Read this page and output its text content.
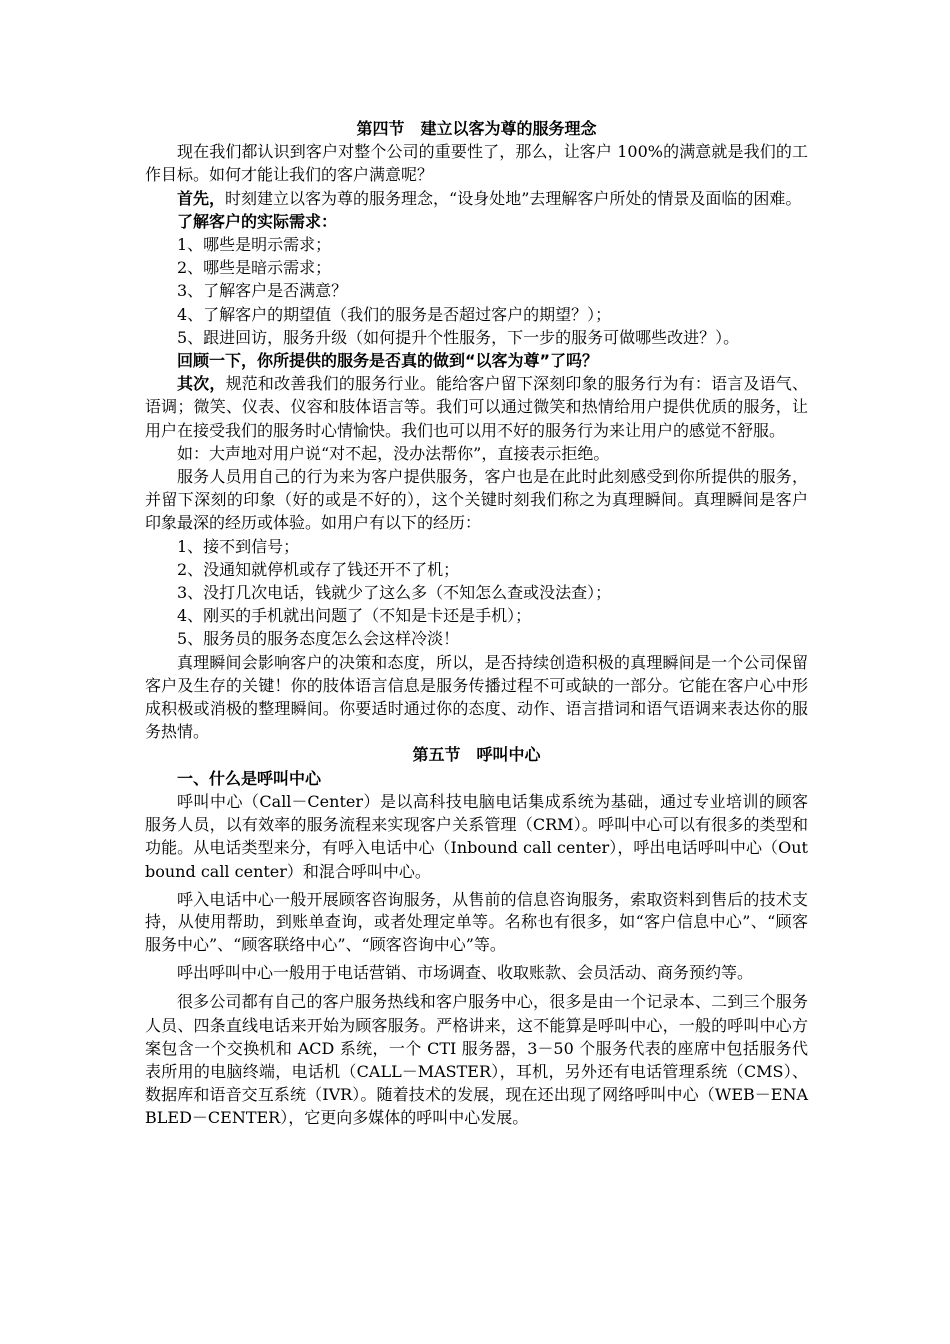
第四节　建立以客为尊的服务理念
现在我们都认识到客户对整个公司的重要性了，那么，让客户 100%的满意就是我们的工作目标。如何才能让我们的客户满意呢？
首先，时刻建立以客为尊的服务理念，“设身处地”去理解客户所处的情景及面临的困难。
了解客户的实际需求：
1、哪些是明示需求；
2、哪些是暗示需求；
3、了解客户是否满意？
4、了解客户的期望值（我们的服务是否超过客户的期望？）；
5、跟进回访，服务升级（如何提升个性服务，下一步的服务可做哪些改进？）。
回顾一下，你所提供的服务是否真的做到“以客为尊”了吗？
其次，规范和改善我们的服务行业。能给客户留下深刻印象的服务行为有：语言及语气、语调；微笑、仪表、仪容和肢体语言等。我们可以通过微笑和热情给用户提供优质的服务，让用户在接受我们的服务时心情愉快。我们也可以用不好的服务行为来让用户的感觉不舒服。
如：大声地对用户说“对不起，没办法帮你”，直接表示拒绝。
服务人员用自己的行为来为客户提供服务，客户也是在此时此刻感受到你所提供的服务，并留下深刻的印象（好的或是不好的），这个关键时刻我们称之为真理瞬间。真理瞬间是客户印象最深的经历或体验。如用户有以下的经历：
1、接不到信号；
2、没通知就停机或存了钱还开不了机；
3、没打几次电话，钱就少了这么多（不知怎么查或没法查）；
4、刚买的手机就出问题了（不知是卡还是手机）；
5、服务员的服务态度怎么会这样冷淡！
真理瞬间会影响客户的决策和态度，所以，是否持续创造积极的真理瞬间是一个公司保留客户及生存的关键！你的肢体语言信息是服务传播过程不可或缺的一部分。它能在客户心中形成积极或消极的整理瞬间。你要适时通过你的态度、动作、语言措词和语气语调来表达你的服务热情。
第五节　呼叫中心
一、什么是呼叫中心
呼叫中心（Call－Center）是以高科技电脑电话集成系统为基础，通过专业培训的顾客服务人员，以有效率的服务流程来实现客户关系管理（CRM）。呼叫中心可以有很多的类型和功能。从电话类型来分，有呼入电话中心（Inbound call center），呼出电话呼叫中心（Outbound call center）和混合呼叫中心。
呼入电话中心一般开展顾客咨询服务，从售前的信息咨询服务，索取资料到售后的技术支持，从使用帮助，到账单查询，或者处理定单等。名称也有很多，如“客户信息中心”、“顾客服务中心”、“顾客联络中心”、“顾客咨询中心”等。
呼出呼叫中心一般用于电话营销、市场调查、收取账款、会员活动、商务预约等。
很多公司都有自己的客户服务热线和客户服务中心，很多是由一个记录本、二到三个服务人员、四条直线电话来开始为顾客服务。严格讲来，这不能算是呼叫中心，一般的呼叫中心方案包含一个交换机和 ACD 系统，一个 CTI 服务器，3－50 个服务代表的座席中包括服务代表所用的电脑终端，电话机（CALL－MASTER），耳机，另外还有电话管理系统（CMS）、数据库和语音交互系统（IVR）。随着技术的发展，现在还出现了网络呼叫中心（WEB－ENABLED－CENTER），它更向多媒体的呼叫中心发展。
